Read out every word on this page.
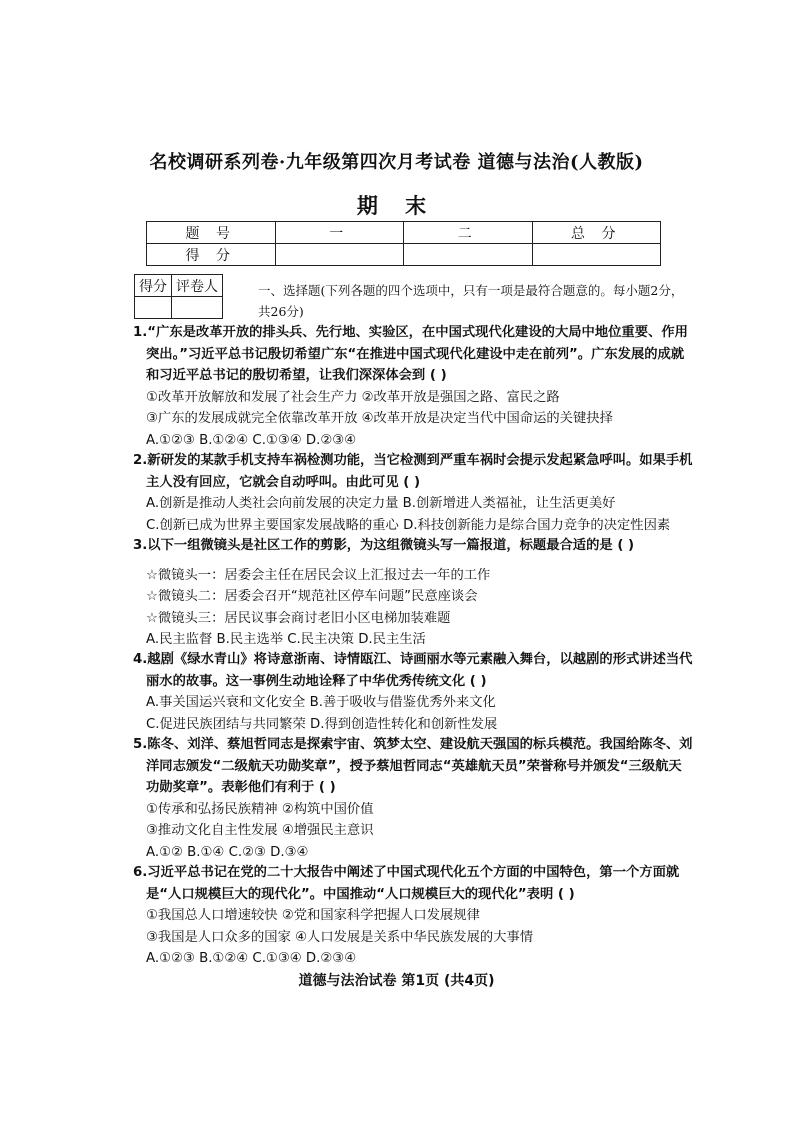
名校调研系列卷·九年级第四次月考试卷 道德与法治(人教版)
期 末
题 号	一	二	总 分
得 分			
得分	评卷人
		一、选择题(下列各题的四个选项中，只有一项是最符合题意的。每小题2分，共26分)
1.“广东是改革开放的排头兵、先行地、实验区，在中国式现代化建设的大局中地位重要、作用突出。”习近平总书记殷切希望广东“在推进中国式现代化建设中走在前列”。广东发展的成就和习近平总书记的殷切希望，让我们深深体会到 ( )
①改革开放解放和发展了社会生产力 ②改革开放是强国之路、富民之路
③广东的发展成就完全依靠改革开放 ④改革开放是决定当代中国命运的关键抉择
A.①②③ B.①②④ C.①③④ D.②③④
2.新研发的某款手机支持车祸检测功能，当它检测到严重车祸时会提示发起紧急呼叫。如果手机主人没有回应，它就会自动呼叫。由此可见 ( )
A.创新是推动人类社会向前发展的决定力量 B.创新增进人类福祉，让生活更美好
C.创新已成为世界主要国家发展战略的重心 D.科技创新能力是综合国力竞争的决定性因素
3.以下一组微镜头是社区工作的剪影，为这组微镜头写一篇报道，标题最合适的是 ( )
☆微镜头一：居委会主任在居民会议上汇报过去一年的工作
☆微镜头二：居委会召开“规范社区停车问题”民意座谈会
☆微镜头三：居民议事会商讨老旧小区电梯加装难题
A.民主监督 B.民主选举 C.民主决策 D.民主生活
4.越剧《绿水青山》将诗意浙南、诗情瓯江、诗画丽水等元素融入舞台，以越剧的形式讲述当代丽水的故事。这一事例生动地诠释了中华优秀传统文化 ( )
A.事关国运兴衰和文化安全 B.善于吸收与借鉴优秀外来文化
C.促进民族团结与共同繁荣 D.得到创造性转化和创新性发展
5.陈冬、刘洋、蔡旭哲同志是探索宇宙、筑梦太空、建设航天强国的标兵模范。我国给陈冬、刘洋同志颁发“二级航天功勋奖章”，授予蔡旭哲同志“英雄航天员”荣誉称号并颁发“三级航天功勋奖章”。表彰他们有利于 ( )
①传承和弘扬民族精神 ②构筑中国价值
③推动文化自主性发展 ④增强民主意识
A.①② B.①④ C.②③ D.③④
6.习近平总书记在党的二十大报告中阐述了中国式现代化五个方面的中国特色，第一个方面就是“人口规模巨大的现代化”。中国推动“人口规模巨大的现代化”表明 ( )
①我国总人口增速较快 ②党和国家科学把握人口发展规律
③我国是人口众多的国家 ④人口发展是关系中华民族发展的大事情
A.①②③ B.①②④ C.①③④ D.②③④
道德与法治试卷 第1页 (共4页)
